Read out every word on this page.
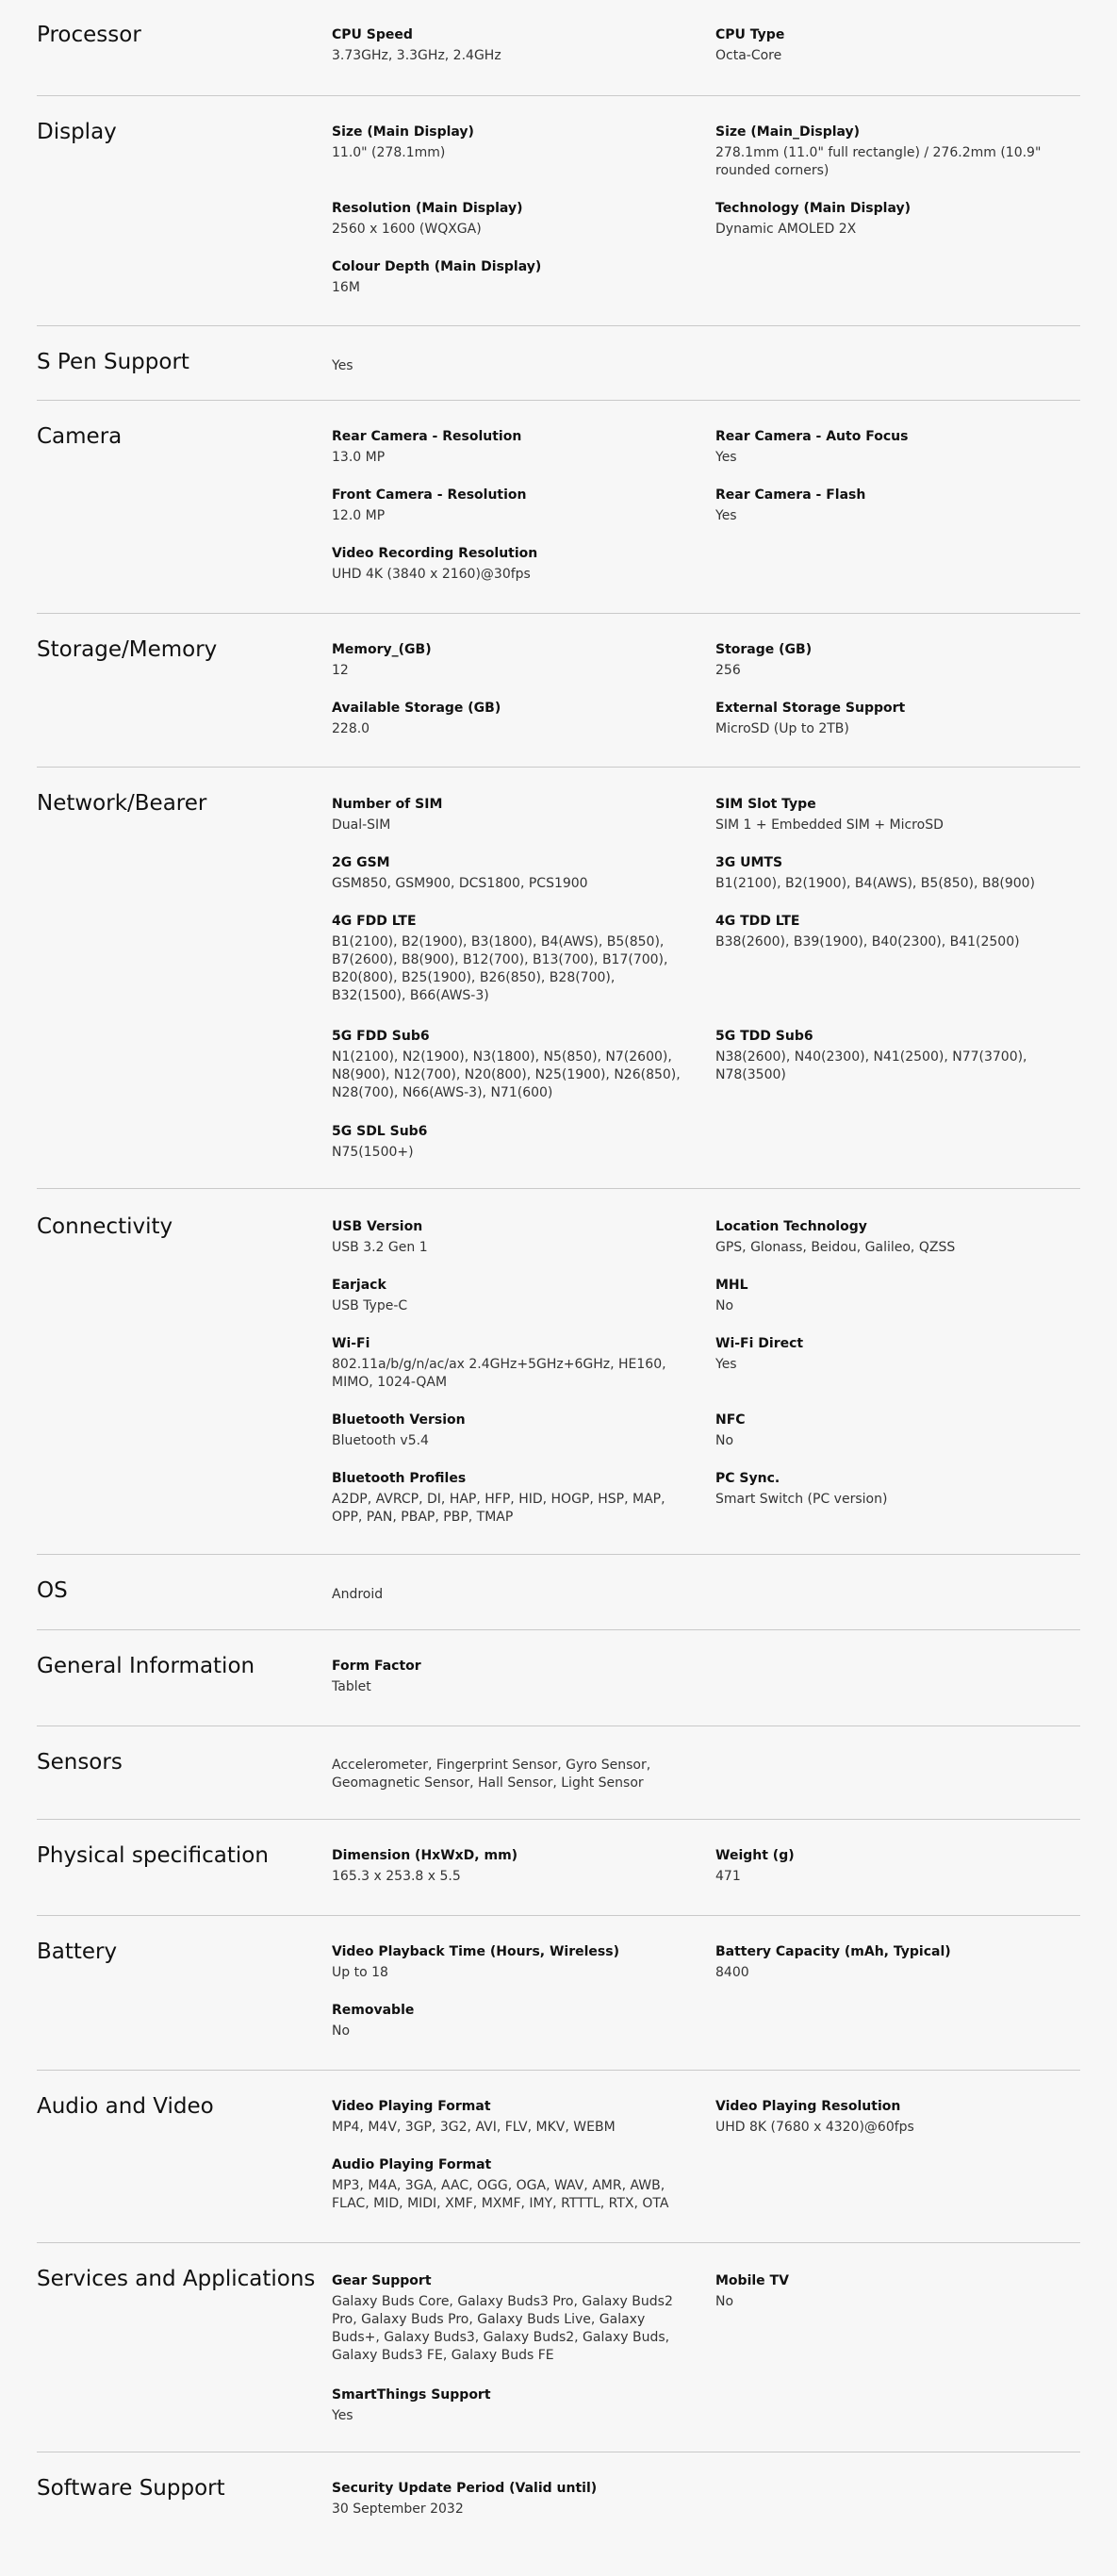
Processor	CPU Speed
3.73GHz, 3.3GHz, 2.4GHz
CPU Type
Octa-Core
Display	Size (Main Display)
11.0" (278.1mm)
Size (Main_Display)
278.1mm (11.0" full rectangle) / 276.2mm (10.9" rounded corners)
Resolution (Main Display)
2560 x 1600 (WQXGA)
Technology (Main Display)
Dynamic AMOLED 2X
Colour Depth (Main Display)
16M
S Pen Support	Yes
Camera	Rear Camera - Resolution
13.0 MP
Rear Camera - Auto Focus
Yes
Front Camera - Resolution
12.0 MP
Rear Camera - Flash
Yes
Video Recording Resolution
UHD 4K (3840 x 2160)@30fps
Storage/Memory	Memory_(GB)
12
Storage (GB)
256
Available Storage (GB)
228.0
External Storage Support
MicroSD (Up to 2TB)
Network/Bearer	Number of SIM
Dual-SIM
SIM Slot Type
SIM 1 + Embedded SIM + MicroSD
2G GSM
GSM850, GSM900, DCS1800, PCS1900
3G UMTS
B1(2100), B2(1900), B4(AWS), B5(850), B8(900)
4G FDD LTE
B1(2100), B2(1900), B3(1800), B4(AWS), B5(850), B7(2600), B8(900), B12(700), B13(700), B17(700), B20(800), B25(1900), B26(850), B28(700), B32(1500), B66(AWS-3)
4G TDD LTE
B38(2600), B39(1900), B40(2300), B41(2500)
5G FDD Sub6
N1(2100), N2(1900), N3(1800), N5(850), N7(2600), N8(900), N12(700), N20(800), N25(1900), N26(850), N28(700), N66(AWS-3), N71(600)
5G TDD Sub6
N38(2600), N40(2300), N41(2500), N77(3700), N78(3500)
5G SDL Sub6
N75(1500+)
Connectivity	USB Version
USB 3.2 Gen 1
Location Technology
GPS, Glonass, Beidou, Galileo, QZSS
Earjack
USB Type-C
MHL
No
Wi-Fi
802.11a/b/g/n/ac/ax 2.4GHz+5GHz+6GHz, HE160, MIMO, 1024-QAM
Wi-Fi Direct
Yes
Bluetooth Version
Bluetooth v5.4
NFC
No
Bluetooth Profiles
A2DP, AVRCP, DI, HAP, HFP, HID, HOGP, HSP, MAP, OPP, PAN, PBAP, PBP, TMAP
PC Sync.
Smart Switch (PC version)
OS	Android
General Information	Form Factor
Tablet
Sensors	Accelerometer, Fingerprint Sensor, Gyro Sensor, Geomagnetic Sensor, Hall Sensor, Light Sensor
Physical specification	Dimension (HxWxD, mm)
165.3 x 253.8 x 5.5
Weight (g)
471
Battery	Video Playback Time (Hours, Wireless)
Up to 18
Battery Capacity (mAh, Typical)
8400
Removable
No
Audio and Video	Video Playing Format
MP4, M4V, 3GP, 3G2, AVI, FLV, MKV, WEBM
Video Playing Resolution
UHD 8K (7680 x 4320)@60fps
Audio Playing Format
MP3, M4A, 3GA, AAC, OGG, OGA, WAV, AMR, AWB, FLAC, MID, MIDI, XMF, MXMF, IMY, RTTTL, RTX, OTA
Services and Applications	Gear Support
Galaxy Buds Core, Galaxy Buds3 Pro, Galaxy Buds2 Pro, Galaxy Buds Pro, Galaxy Buds Live, Galaxy Buds+, Galaxy Buds3, Galaxy Buds2, Galaxy Buds, Galaxy Buds3 FE, Galaxy Buds FE
Mobile TV
No
SmartThings Support
Yes
Software Support	Security Update Period (Valid until)
30 September 2032
